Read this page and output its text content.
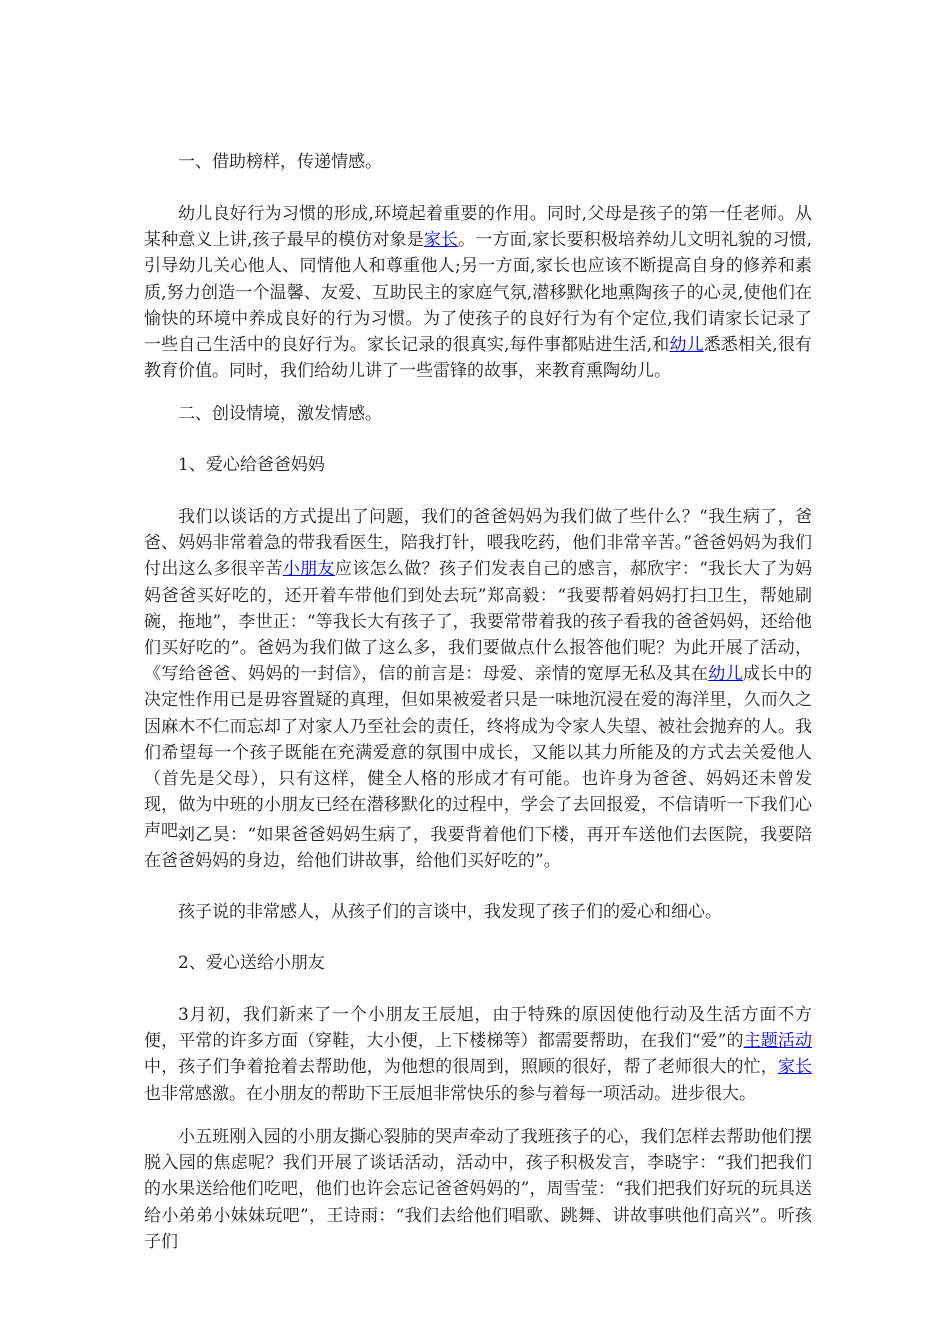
一、借助榜样，传递情感。

幼儿良好行为习惯的形成,环境起着重要的作用。同时,父母是孩子的第一任老师。从某种意义上讲,孩子最早的模仿对象是家长。一方面,家长要积极培养幼儿文明礼貌的习惯,引导幼儿关心他人、同情他人和尊重他人;另一方面,家长也应该不断提高自身的修养和素质,努力创造一个温馨、友爱、互助民主的家庭气氛,潜移默化地熏陶孩子的心灵,使他们在愉快的环境中养成良好的行为习惯。为了使孩子的良好行为有个定位,我们请家长记录了一些自己生活中的良好行为。家长记录的很真实,每件事都贴进生活,和幼儿悉悉相关,很有教育价值。同时，我们给幼儿讲了一些雷锋的故事，来教育熏陶幼儿。

二、创设情境，激发情感。

1、爱心给爸爸妈妈

我们以谈话的方式提出了问题，我们的爸爸妈妈为我们做了些什么？“我生病了，爸爸、妈妈非常着急的带我看医生，陪我打针，喂我吃药，他们非常辛苦。”爸爸妈妈为我们付出这么多很辛苦小朋友应该怎么做？孩子们发表自己的感言，郝欣宇：“我长大了为妈妈爸爸买好吃的，还开着车带他们到处去玩”郑高毅：“我要帮着妈妈打扫卫生，帮她刷碗，拖地”，李世正：“等我长大有孩子了，我要常带着我的孩子看我的爸爸妈妈，还给他们买好吃的”。爸妈为我们做了这么多，我们要做点什么报答他们呢？为此开展了活动，《写给爸爸、妈妈的一封信》，信的前言是：母爱、亲情的宽厚无私及其在幼儿成长中的决定性作用已是毋容置疑的真理，但如果被爱者只是一味地沉浸在爱的海洋里，久而久之因麻木不仁而忘却了对家人乃至社会的责任，终将成为令家人失望、被社会抛弃的人。我们希望每一个孩子既能在充满爱意的氛围中成长，又能以其力所能及的方式去关爱他人（首先是父母），只有这样，健全人格的形成才有可能。也许身为爸爸、妈妈还未曾发现，做为中班的小朋友已经在潜移默化的过程中，学会了去回报爱，不信请听一下我们心声吧。

刘乙昊：“如果爸爸妈妈生病了，我要背着他们下楼，再开车送他们去医院，我要陪在爸爸妈妈的身边，给他们讲故事，给他们买好吃的”。

孩子说的非常感人，从孩子们的言谈中，我发现了孩子们的爱心和细心。

2、爱心送给小朋友

3月初，我们新来了一个小朋友王辰旭，由于特殊的原因使他行动及生活方面不方便，平常的许多方面（穿鞋，大小便，上下楼梯等）都需要帮助，在我们“爱”的主题活动中，孩子们争着抢着去帮助他，为他想的很周到，照顾的很好，帮了老师很大的忙，家长也非常感激。在小朋友的帮助下王辰旭非常快乐的参与着每一项活动。进步很大。

小五班刚入园的小朋友撕心裂肺的哭声牵动了我班孩子的心，我们怎样去帮助他们摆脱入园的焦虑呢？我们开展了谈话活动，活动中，孩子积极发言，李晓宇：“我们把我们的水果送给他们吃吧，他们也许会忘记爸爸妈妈的”，周雪莹：“我们把我们好玩的玩具送给小弟弟小妹妹玩吧”，王诗雨：“我们去给他们唱歌、跳舞、讲故事哄他们高兴”。听孩子们
